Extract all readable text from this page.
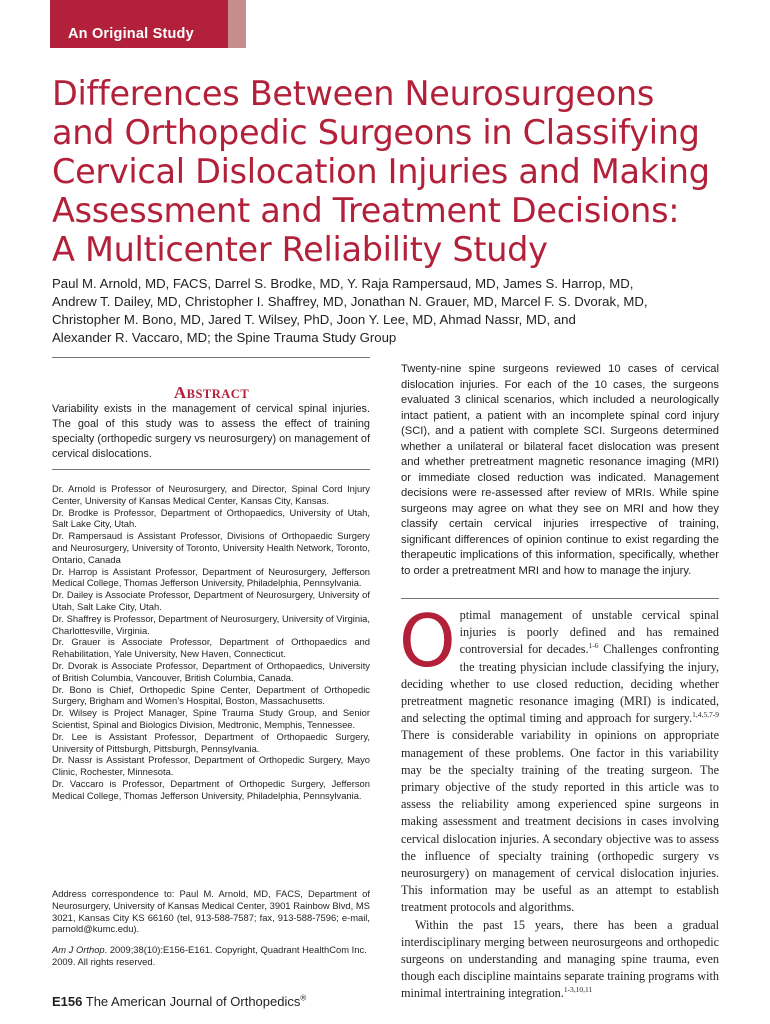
An Original Study
Differences Between Neurosurgeons
and Orthopedic Surgeons in Classifying
Cervical Dislocation Injuries and Making
Assessment and Treatment Decisions:
A Multicenter Reliability Study
Paul M. Arnold, MD, FACS, Darrel S. Brodke, MD, Y. Raja Rampersaud, MD, James S. Harrop, MD,
Andrew T. Dailey, MD, Christopher I. Shaffrey, MD, Jonathan N. Grauer, MD, Marcel F. S. Dvorak, MD,
Christopher M. Bono, MD, Jared T. Wilsey, PhD, Joon Y. Lee, MD, Ahmad Nassr, MD, and
Alexander R. Vaccaro, MD; the Spine Trauma Study Group
ABSTRACT
Variability exists in the management of cervical spinal injuries. The goal of this study was to assess the effect of training specialty (orthopedic surgery vs neurosurgery) on management of cervical dislocations.

Dr. Arnold is Professor of Neurosurgery, and Director, Spinal Cord Injury Center, University of Kansas Medical Center, Kansas City, Kansas.

Dr. Brodke is Professor, Department of Orthopaedics, University of Utah, Salt Lake City, Utah.

Dr. Rampersaud is Assistant Professor, Divisions of Orthopaedic Surgery and Neurosurgery, University of Toronto, University Health Network, Toronto, Ontario, Canada

Dr. Harrop is Assistant Professor, Department of Neurosurgery, Jefferson Medical College, Thomas Jefferson University, Philadelphia, Pennsylvania.

Dr. Dailey is Associate Professor, Department of Neurosurgery, University of Utah, Salt Lake City, Utah.

Dr. Shaffrey is Professor, Department of Neurosurgery, University of Virginia, Charlottesville, Virginia.

Dr. Grauer is Associate Professor, Department of Orthopaedics and Rehabilitation, Yale University, New Haven, Connecticut.

Dr. Dvorak is Associate Professor, Department of Orthopaedics, University of British Columbia, Vancouver, British Columbia, Canada.

Dr. Bono is Chief, Orthopedic Spine Center, Department of Orthopedic Surgery, Brigham and Women’s Hospital, Boston, Massachusetts.

Dr. Wilsey is Project Manager, Spine Trauma Study Group, and Senior Scientist, Spinal and Biologics Division, Medtronic, Memphis, Tennessee.

Dr. Lee is Assistant Professor, Department of Orthopaedic Surgery, University of Pittsburgh, Pittsburgh, Pennsylvania.

Dr. Nassr is Assistant Professor, Department of Orthopedic Surgery, Mayo Clinic, Rochester, Minnesota.

Dr. Vaccaro is Professor, Department of Orthopedic Surgery, Jefferson Medical College, Thomas Jefferson University, Philadelphia, Pennsylvania.

Address correspondence to: Paul M. Arnold, MD, FACS, Department of Neurosurgery, University of Kansas Medical Center, 3901 Rainbow Blvd, MS 3021, Kansas City KS 66160 (tel, 913-588-7587; fax, 913-588-7596; e-mail, parnold@kumc.edu).
Am J Orthop. 2009;38(10):E156-E161. Copyright, Quadrant HealthCom Inc. 2009. All rights reserved.
E156 The American Journal of Orthopedics®
Twenty-nine spine surgeons reviewed 10 cases of cervical dislocation injuries. For each of the 10 cases, the surgeons evaluated 3 clinical scenarios, which included a neurologically intact patient, a patient with an incomplete spinal cord injury (SCI), and a patient with complete SCI. Surgeons determined whether a unilateral or bilateral facet dislocation was present and whether pretreatment magnetic resonance imaging (MRI) or immediate closed reduction was indicated. Management decisions were re-assessed after review of MRIs. While spine surgeons may agree on what they see on MRI and how they classify certain cervical injuries irrespective of training, significant differences of opinion continue to exist regarding the therapeutic implications of this information, specifically, whether to order a pretreatment MRI and how to manage the injury.

Optimal management of unstable cervical spinal injuries is poorly defined and has remained controversial for decades.$^{1-6}$ Challenges confronting the treating physician include classifying the injury, deciding whether to use closed reduction, deciding whether pretreatment magnetic resonance imaging (MRI) is indicated, and selecting the optimal timing and approach for surgery.$^{1,4,5,7-9}$ There is considerable variability in opinions on appropriate management of these problems. One factor in this variability may be the specialty training of the treating surgeon. The primary objective of the study reported in this article was to assess the reliability among experienced spine surgeons in making assessment and treatment decisions in cases involving cervical dislocation injuries. A secondary objective was to assess the influence of specialty training (orthopedic surgery vs neurosurgery) on management of cervical dislocation injuries. This information may be useful as an attempt to establish treatment protocols and algorithms.

Within the past 15 years, there has been a gradual interdisciplinary merging between neurosurgeons and orthopedic surgeons on understanding and managing spine trauma, even though each discipline maintains separate training programs with minimal intertraining integration.$^{1-3,10,11}$
